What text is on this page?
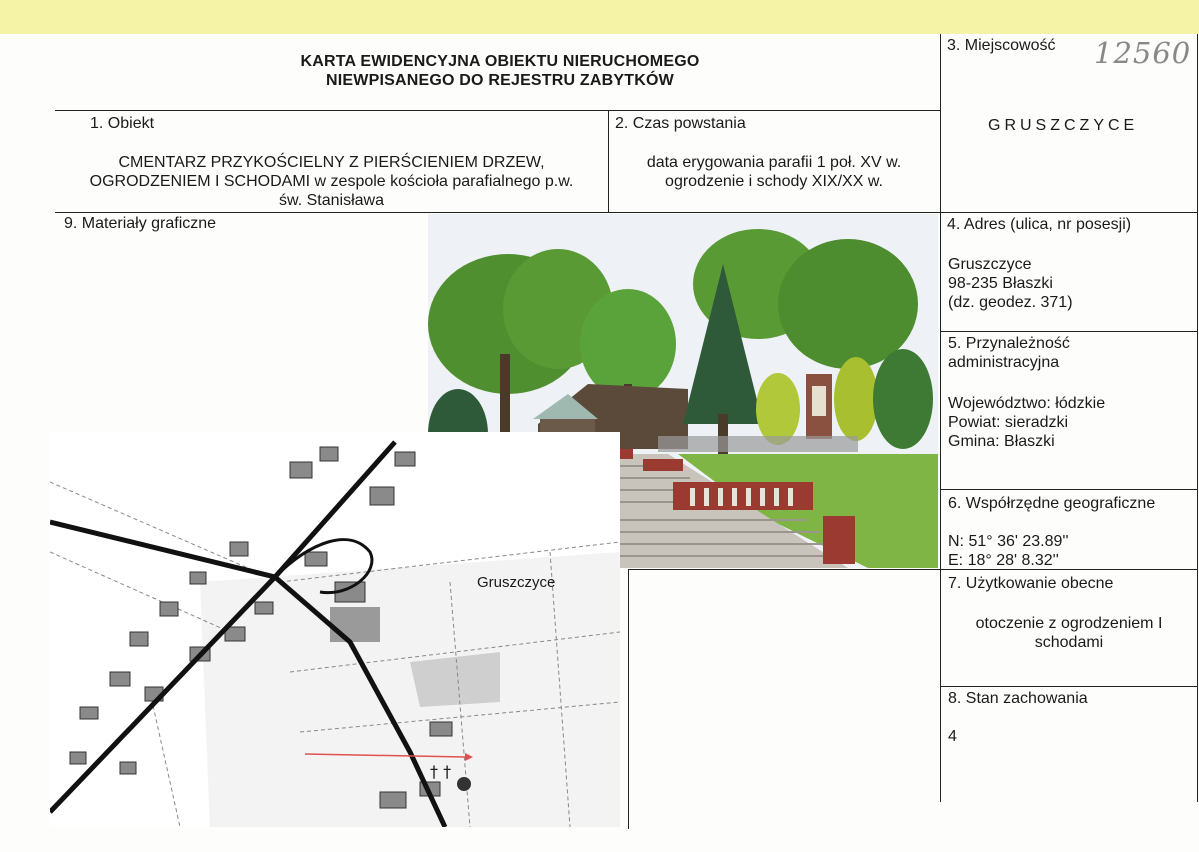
KARTA EWIDENCYJNA OBIEKTU NIERUCHOMEGO
NIEWPISANEGO DO REJESTRU ZABYTKÓW
3. Miejscowość 12560
GRUSZCZYCE
1. Obiekt
CMENTARZ PRZYKOŚCIELNY Z PIERŚCIENIEM DRZEW,
OGRODZENIEM I SCHODAMI w zespole kościoła parafialnego p.w.
św. Stanisława
2. Czas powstania
data erygowania parafii 1 poł. XV w.
ogrodzenie i schody XIX/XX w.
9. Materiały graficzne	4. Adres (ulica, nr posesji)
Gruszczyce
98-235 Błaszki
(dz. geodez. 371)
5. Przynależność
administracyjna
Województwo: łódzkie
Powiat: sieradzki
Gmina: Błaszki
6. Współrzędne geograficzne
N: 51° 36' 23.89''
E: 18° 28' 8.32''
7. Użytkowanie obecne
otoczenie z ogrodzeniem I
schodami
8. Stan zachowania
4
† †
Gruszczyce
